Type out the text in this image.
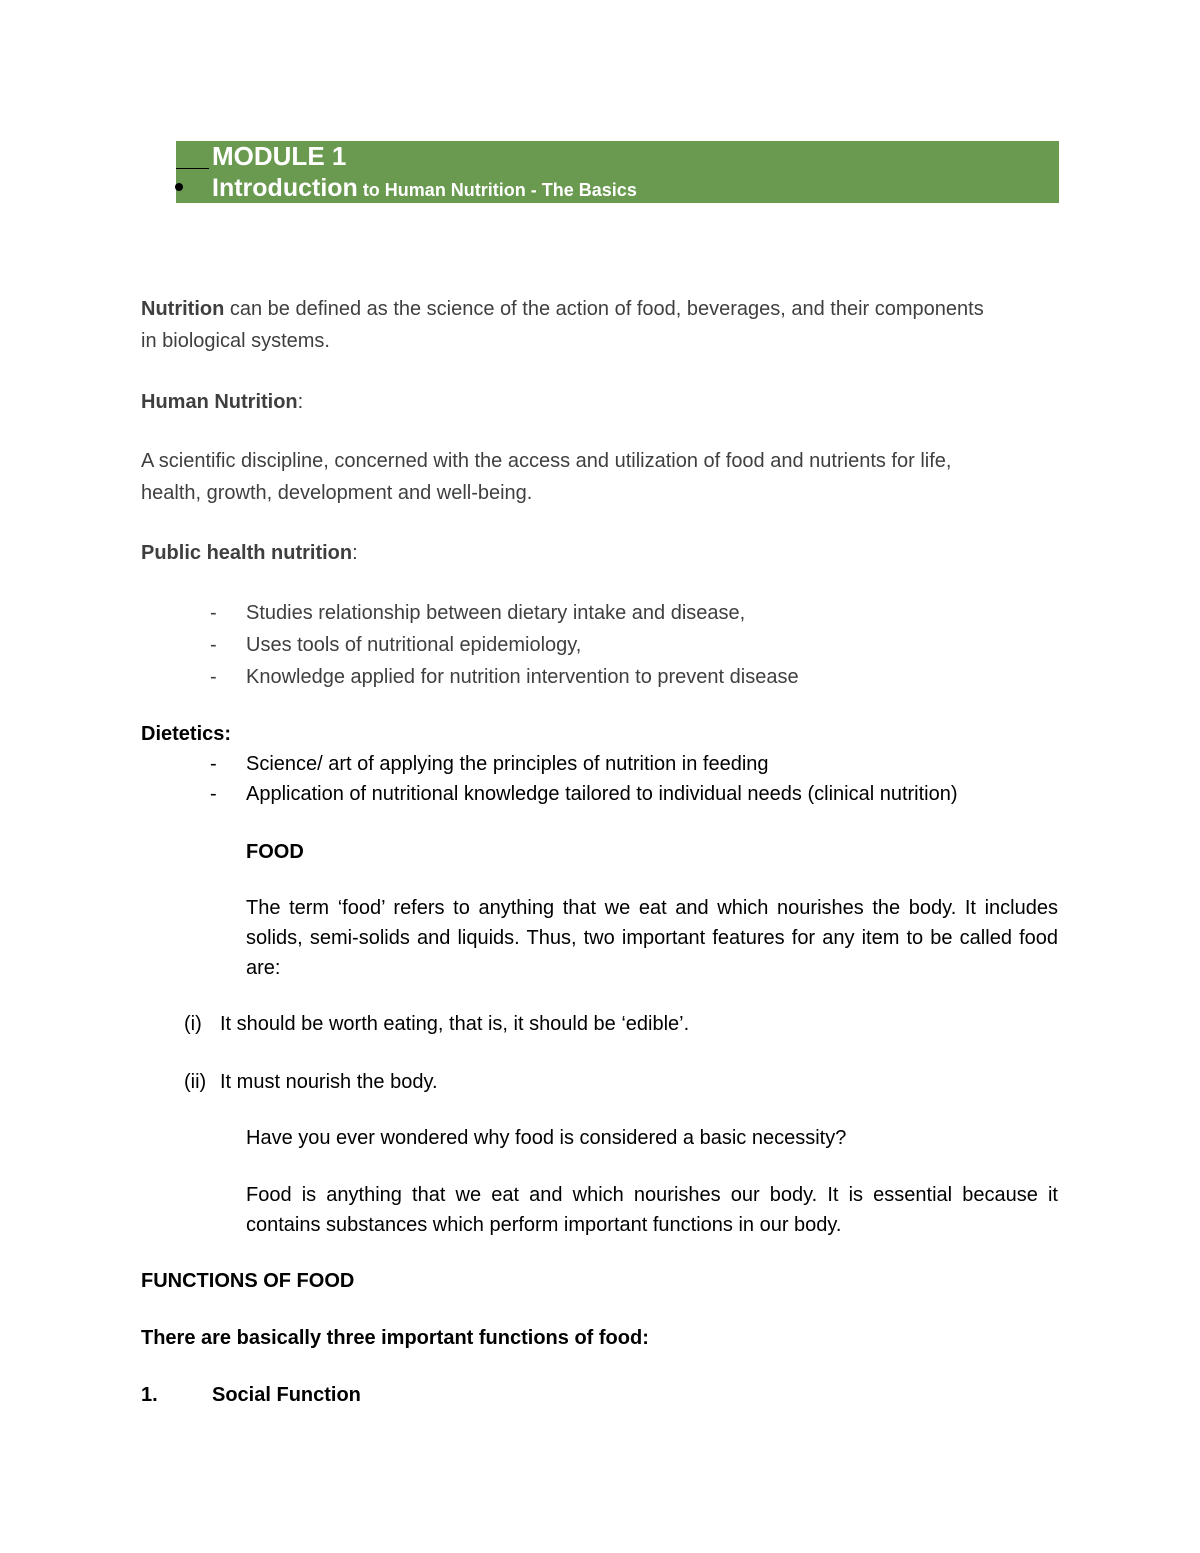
MODULE 1
Introduction to Human Nutrition - The Basics
Nutrition can be defined as the science of the action of food, beverages, and their components
in biological systems.
Human Nutrition:
A scientific discipline, concerned with the access and utilization of food and nutrients for life,
health, growth, development and well-being.
Public health nutrition:
- Studies relationship between dietary intake and disease,
- Uses tools of nutritional epidemiology,
- Knowledge applied for nutrition intervention to prevent disease
Dietetics:
- Science/ art of applying the principles of nutrition in feeding
- Application of nutritional knowledge tailored to individual needs (clinical nutrition)
FOOD
The term ‘food’ refers to anything that we eat and which nourishes the body. It includes solids, semi-solids and liquids. Thus, two important features for any item to be called food are:
(i) It should be worth eating, that is, it should be ‘edible’.
(ii) It must nourish the body.
Have you ever wondered why food is considered a basic necessity?
Food is anything that we eat and which nourishes our body. It is essential because it contains substances which perform important functions in our body.
FUNCTIONS OF FOOD
There are basically three important functions of food:
1.	Social Function
